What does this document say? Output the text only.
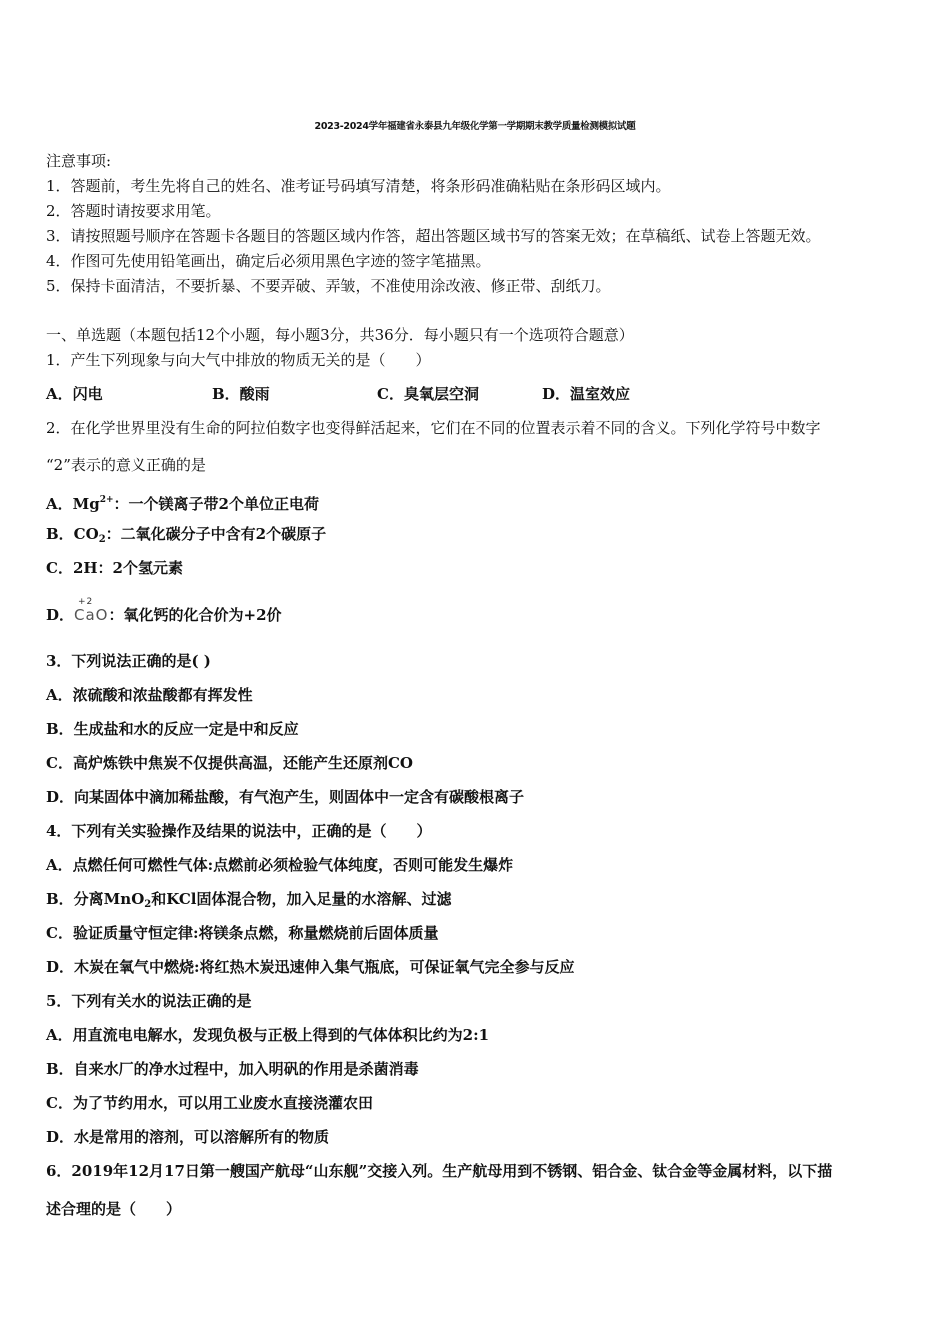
2023-2024学年福建省永泰县九年级化学第一学期期末教学质量检测模拟试题
注意事项:
1．答题前，考生先将自己的姓名、准考证号码填写清楚，将条形码准确粘贴在条形码区域内。
2．答题时请按要求用笔。
3．请按照题号顺序在答题卡各题目的答题区域内作答，超出答题区域书写的答案无效；在草稿纸、试卷上答题无效。
4．作图可先使用铅笔画出，确定后必须用黑色字迹的签字笔描黑。
5．保持卡面清洁，不要折暴、不要弄破、弄皱，不准使用涂改液、修正带、刮纸刀。
一、单选题（本题包括12个小题，每小题3分，共36分．每小题只有一个选项符合题意）
1．产生下列现象与向大气中排放的物质无关的是（　　）
A．闪电	B．酸雨	C．臭氧层空洞	D．温室效应
2．在化学世界里没有生命的阿拉伯数字也变得鲜活起来，它们在不同的位置表示着不同的含义。下列化学符号中数字
“2”表示的意义正确的是
A．$Mg^{2+}$：一个镁离子带2个单位正电荷
B．$CO_2$：二氧化碳分子中含有2个碳原子
C．2H：2个氢元素
D．
+2
CaO：氧化钙的化合价为+2价
3．下列说法正确的是( )
A．浓硫酸和浓盐酸都有挥发性
B．生成盐和水的反应一定是中和反应
C．高炉炼铁中焦炭不仅提供高温，还能产生还原剂CO
D．向某固体中滴加稀盐酸，有气泡产生，则固体中一定含有碳酸根离子
4．下列有关实验操作及结果的说法中，正确的是（　　）
A．点燃任何可燃性气体:点燃前必须检验气体纯度，否则可能发生爆炸
B．分离MnO$_2$和KCl固体混合物，加入足量的水溶解、过滤
C．验证质量守恒定律:将镁条点燃，称量燃烧前后固体质量
D．木炭在氧气中燃烧:将红热木炭迅速伸入集气瓶底，可保证氧气完全参与反应
5．下列有关水的说法正确的是
A．用直流电电解水，发现负极与正极上得到的气体体积比约为2:1
B．自来水厂的净水过程中，加入明矾的作用是杀菌消毒
C．为了节约用水，可以用工业废水直接浇灌农田
D．水是常用的溶剂，可以溶解所有的物质
6．2019年12月17日第一艘国产航母“山东舰”交接入列。生产航母用到不锈钢、铝合金、钛合金等金属材料，以下描
述合理的是（　　）
